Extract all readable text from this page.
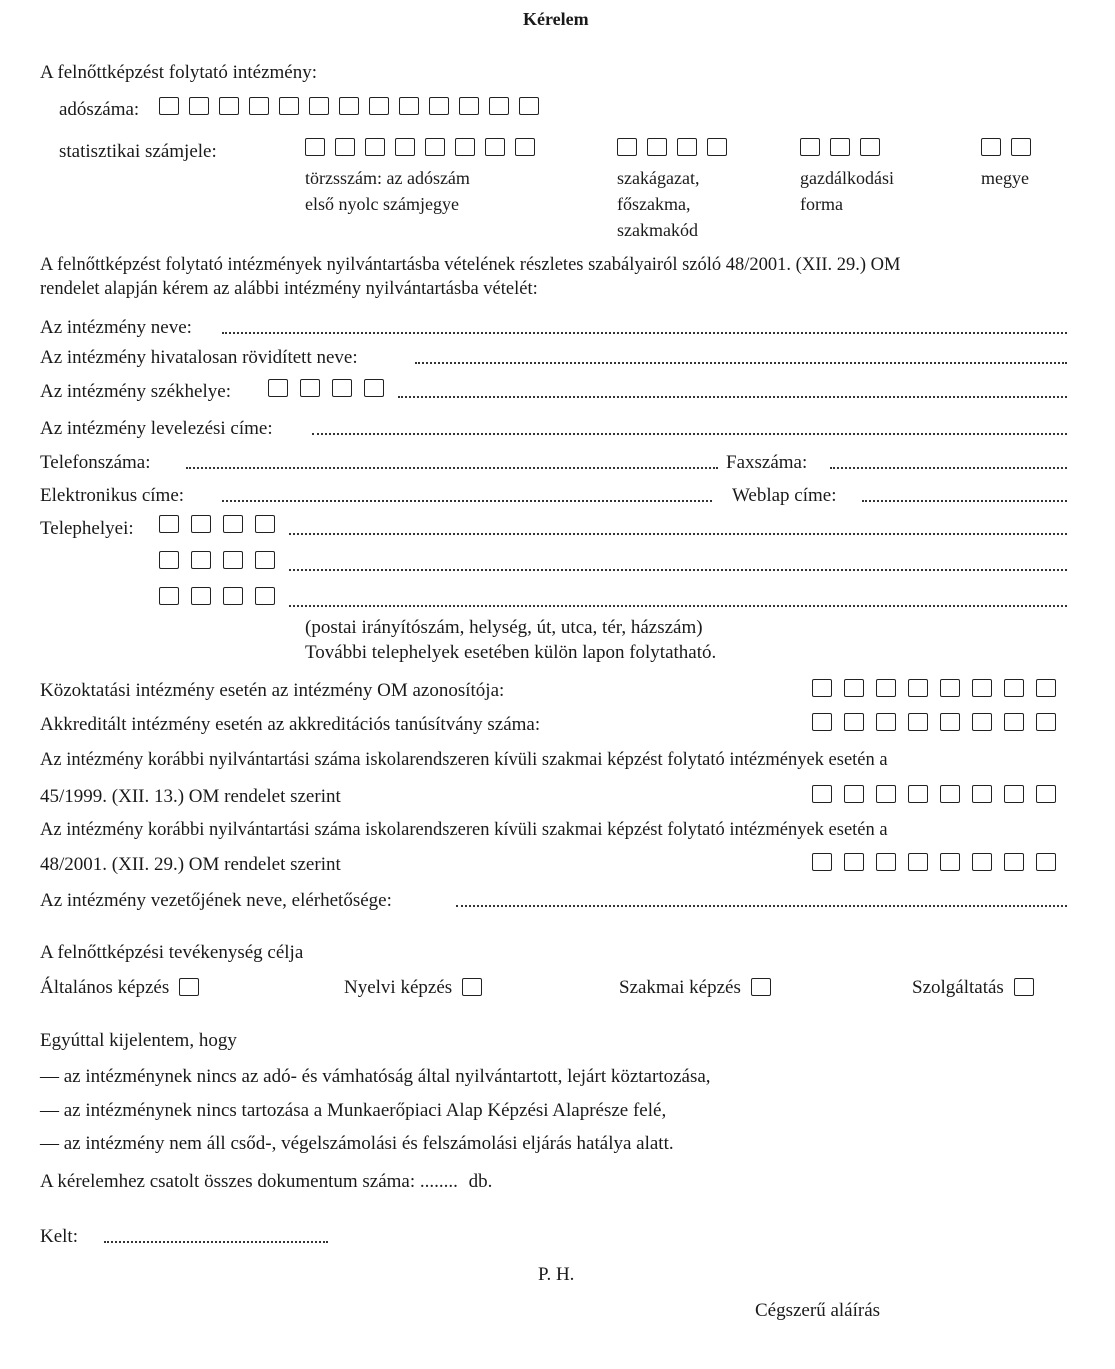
Kérelem
A felnőttképzést folytató intézmény:
adószáma:
statisztikai számjele:
törzsszám: az adószám
első nyolc számjegye
szakágazat,
főszakma,
szakmakód
gazdálkodási
forma
megye
A felnőttképzést folytató intézmények nyilvántartásba vételének részletes szabályairól szóló 48/2001. (XII. 29.) OM
rendelet alapján kérem az alábbi intézmény nyilvántartásba vételét:
Az intézmény neve:
Az intézmény hivatalosan rövidített neve:
Az intézmény székhelye:
Az intézmény levelezési címe:
Telefonszáma:	Faxszáma:
Elektronikus címe:	Weblap címe:
Telephelyei:
(postai irányítószám, helység, út, utca, tér, házszám)
További telephelyek esetében külön lapon folytatható.
Közoktatási intézmény esetén az intézmény OM azonosítója:
Akkreditált intézmény esetén az akkreditációs tanúsítvány száma:
Az intézmény korábbi nyilvántartási száma iskolarendszeren kívüli szakmai képzést folytató intézmények esetén a
45/1999. (XII. 13.) OM rendelet szerint
Az intézmény korábbi nyilvántartási száma iskolarendszeren kívüli szakmai képzést folytató intézmények esetén a
48/2001. (XII. 29.) OM rendelet szerint
Az intézmény vezetőjének neve, elérhetősége:
A felnőttképzési tevékenység célja
Általános képzés	Nyelvi képzés	Szakmai képzés	Szolgáltatás
Egyúttal kijelentem, hogy
— az intézménynek nincs az adó- és vámhatóság által nyilvántartott, lejárt köztartozása,
— az intézménynek nincs tartozása a Munkaerőpiaci Alap Képzési Alaprésze felé,
— az intézmény nem áll csőd-, végelszámolási és felszámolási eljárás hatálya alatt.
A kérelemhez csatolt összes dokumentum száma: ........ db.
Kelt:
P. H.
Cégszerű aláírás
